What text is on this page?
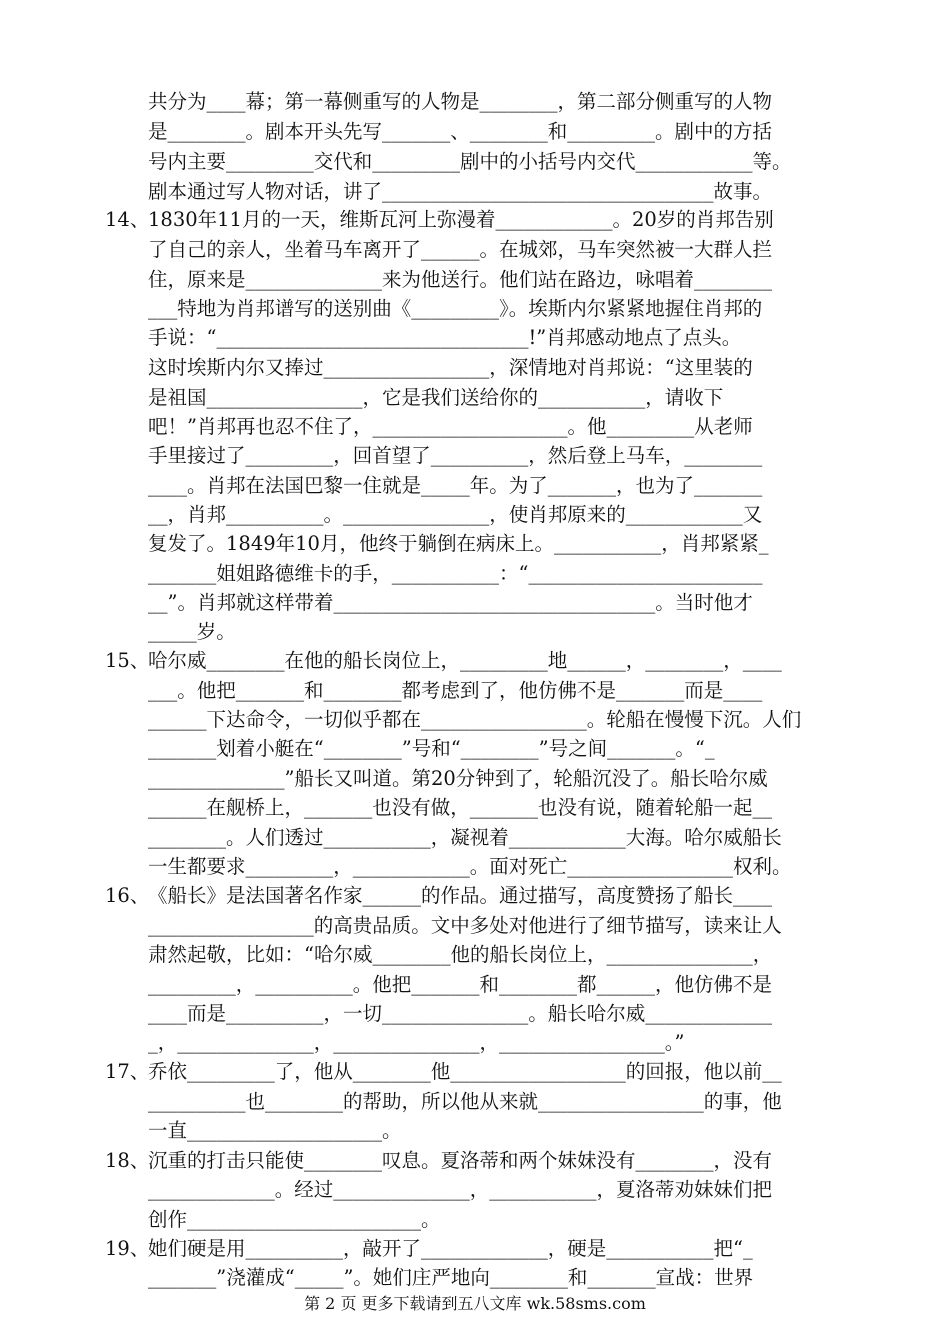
共分为____幕；第一幕侧重写的人物是________，第二部分侧重写的人物
是________。剧本开头先写_______、________和_________。剧中的方括
号内主要_________交代和_________剧中的小括号内交代____________等。
剧本通过写人物对话，讲了__________________________________故事。
14、
1830年11月的一天，维斯瓦河上弥漫着____________。20岁的肖邦告别
了自己的亲人，坐着马车离开了______。在城郊，马车突然被一大群人拦
住，原来是______________来为他送行。他们站在路边，咏唱着________
___特地为肖邦谱写的送别曲《_________》。埃斯内尔紧紧地握住肖邦的
手说：“________________________________!”肖邦感动地点了点头。
这时埃斯内尔又捧过_________________，深情地对肖邦说：“这里装的
是祖国________________，它是我们送给你的___________，请收下
吧！”肖邦再也忍不住了，____________________。他_________从老师
手里接过了_________，回首望了__________，然后登上马车，________
____。肖邦在法国巴黎一住就是_____年。为了_______，也为了_______
__，肖邦__________。_______________，使肖邦原来的____________又
复发了。1849年10月，他终于躺倒在病床上。___________，肖邦紧紧_
_______姐姐路德维卡的手，___________：“________________________
__”。肖邦就这样带着_________________________________。当时他才
_____岁。
15、
哈尔威________在他的船长岗位上，_________地______，________，____
___。他把_______和________都考虑到了，他仿佛不是_______而是____
______下达命令，一切似乎都在_________________。轮船在慢慢下沉。人们
_______划着小艇在“________”号和“________”号之间_______。“_
______________”船长又叫道。第20分钟到了，轮船沉没了。船长哈尔威
______在舰桥上，_______也没有做，_______也没有说，随着轮船一起__
________。人们透过___________，凝视着____________大海。哈尔威船长
一生都要求_________，____________。面对死亡_________________权利。
16、
《船长》是法国著名作家______的作品。通过描写，高度赞扬了船长____
_________________的高贵品质。文中多处对他进行了细节描写，读来让人
肃然起敬，比如：“哈尔威________他的船长岗位上，_______________，
_________，__________。他把_______和________都______，他仿佛不是
____而是__________，一切_______________。船长哈尔威_____________
_，______________，_______________，_________________。”
17、
乔依_________了，他从________他__________________的回报，他以前__
__________也________的帮助，所以他从来就_________________的事，他
一直____________________。
18、
沉重的打击只能使________叹息。夏洛蒂和两个妹妹没有________，没有
_____________。经过______________，___________，夏洛蒂劝妹妹们把
创作________________________。
19、
她们硬是用__________，敲开了_____________，硬是___________把“_
_______”浇灌成“_____”。她们庄严地向________和_______宣战：世界
第 2 页 更多下载请到五八文库 wk.58sms.com
